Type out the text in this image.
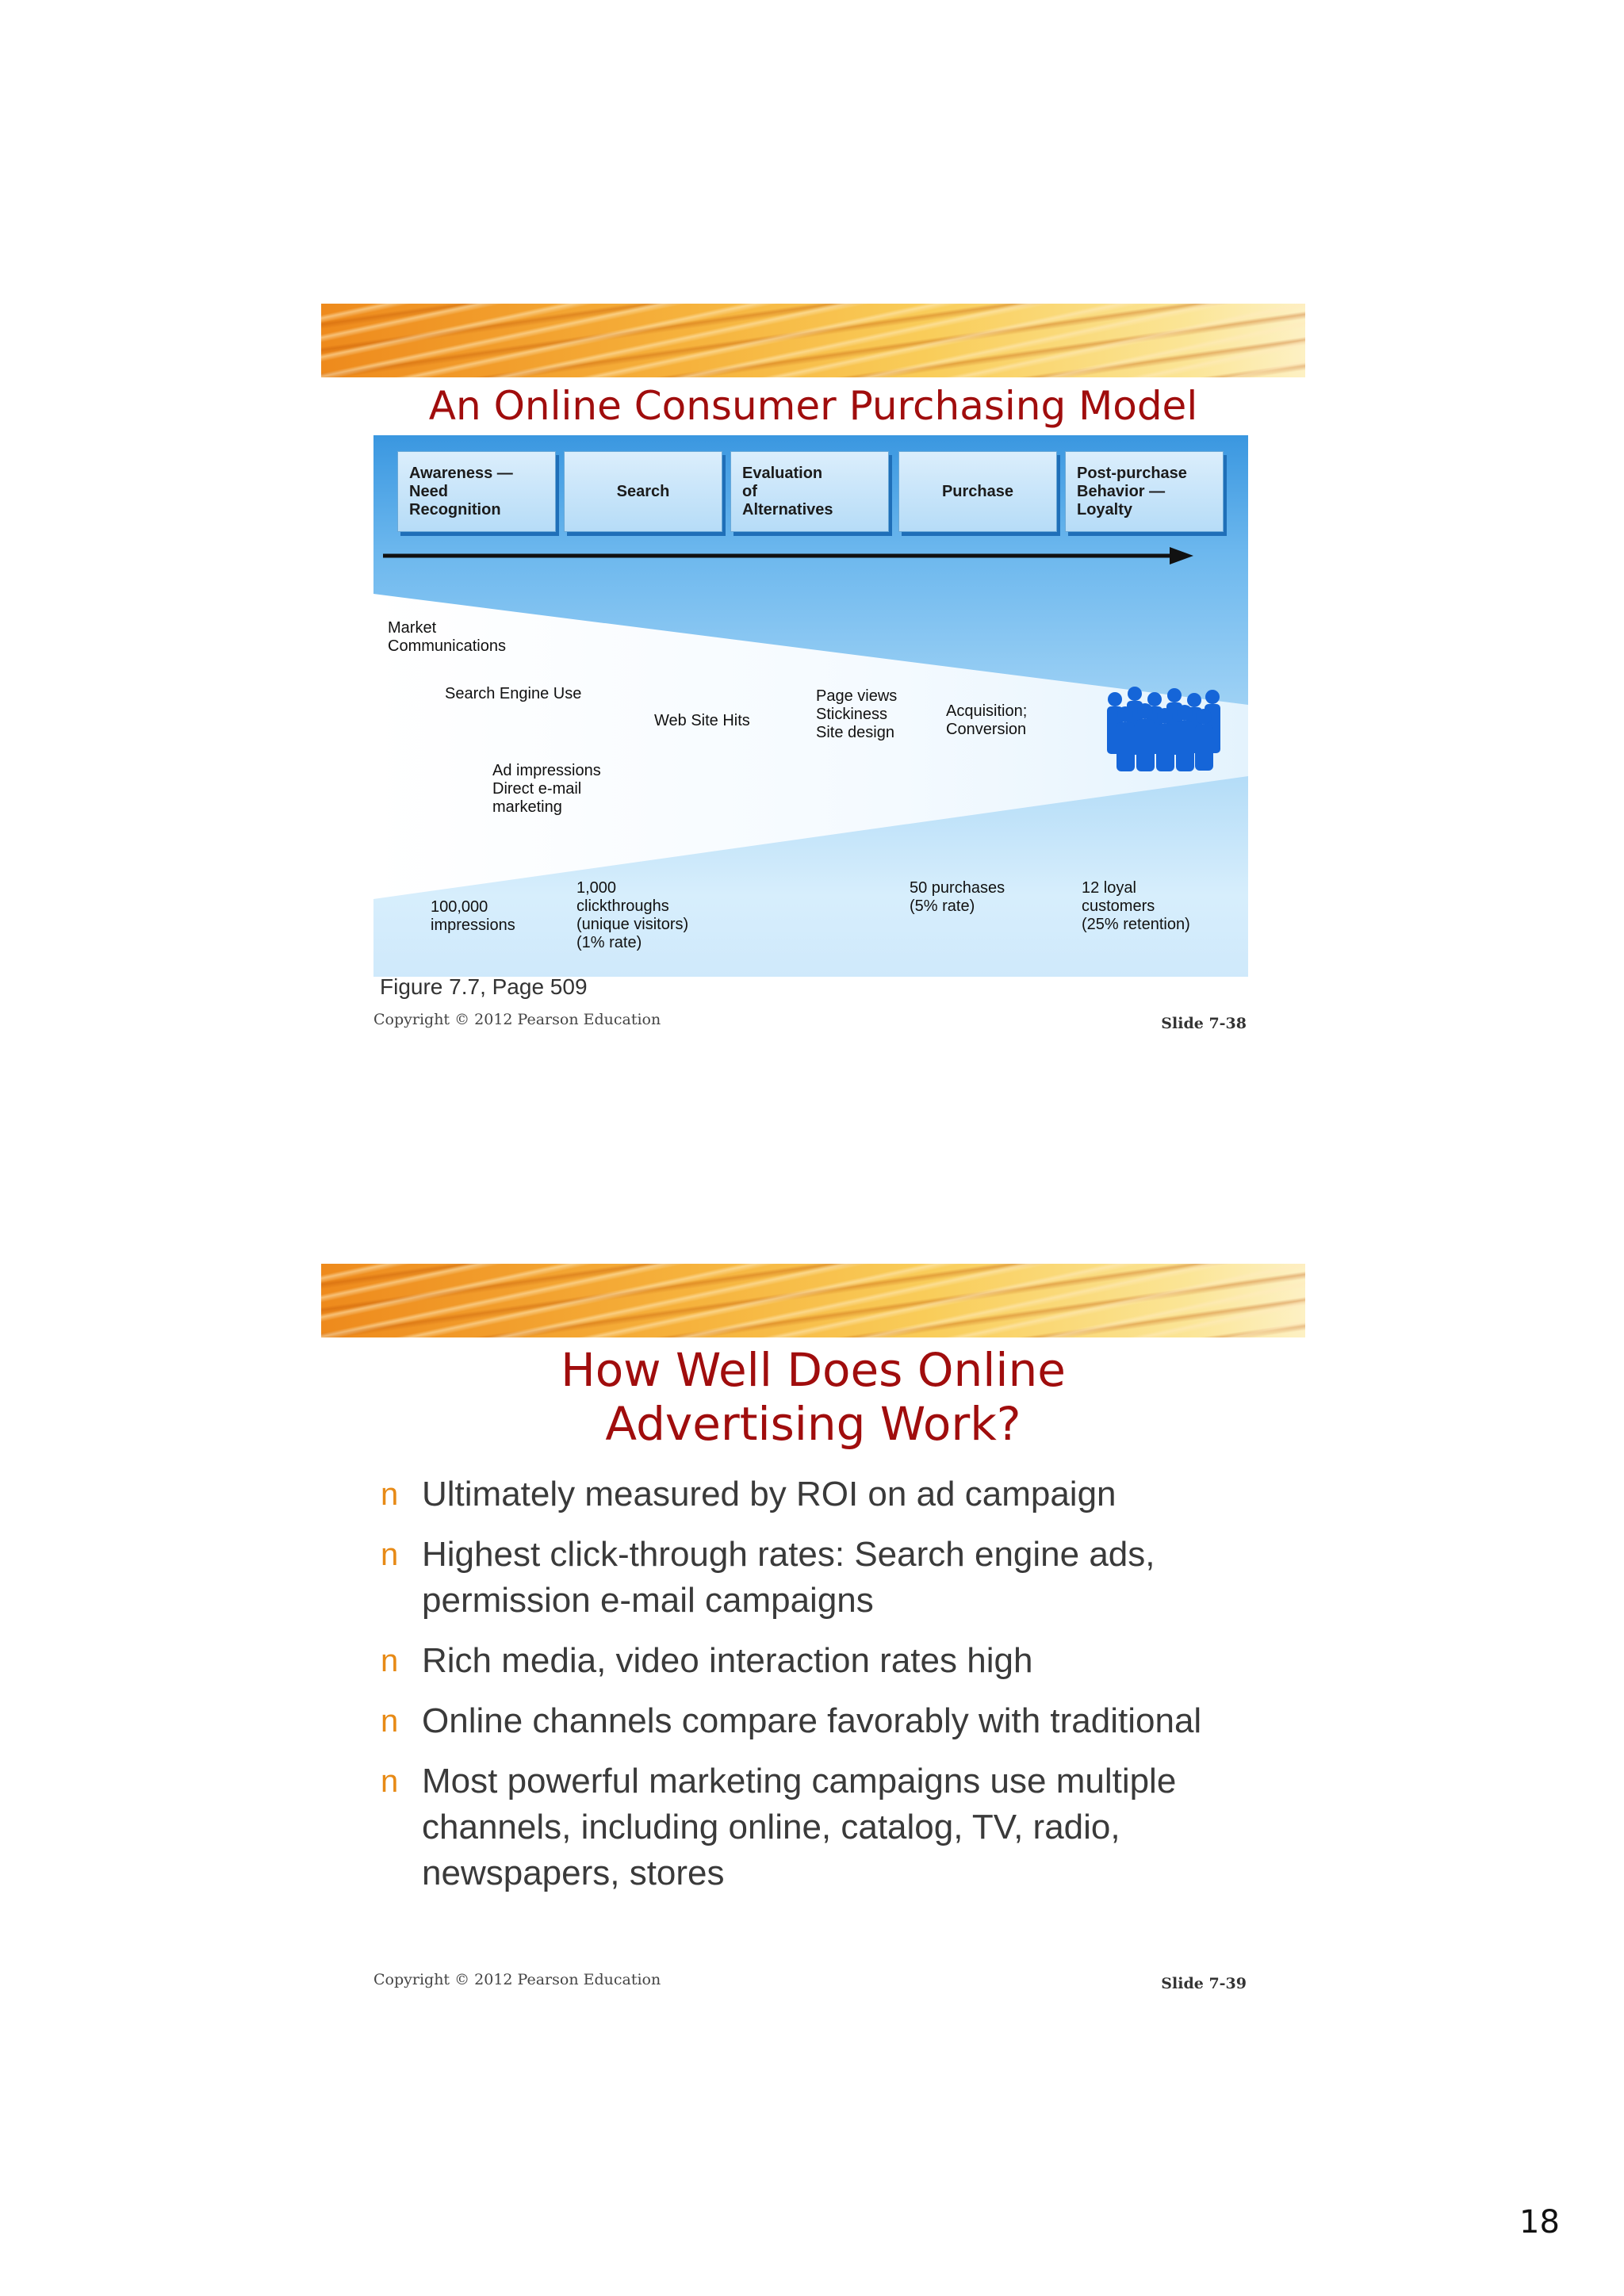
An Online Consumer Purchasing Model
Awareness —
Need
Recognition
Search
Evaluation
of
Alternatives
Purchase
Post-purchase
Behavior —
Loyalty
Market
Communications
Search Engine Use
Web Site Hits
Page views
Stickiness
Site design
Acquisition;
Conversion
Ad impressions
Direct e-mail
marketing
100,000
impressions
1,000
clickthroughs
(unique visitors)
(1% rate)
50 purchases
(5% rate)
12 loyal
customers
(25% retention)
Figure 7.7, Page 509
Copyright © 2012 Pearson Education	Slide 7-38
How Well Does Online
Advertising Work?
n Ultimately measured by ROI on ad campaign
n Highest click-through rates: Search engine ads, permission e-mail campaigns
n Rich media, video interaction rates high
n Online channels compare favorably with traditional
n Most powerful marketing campaigns use multiple channels, including online, catalog, TV, radio, newspapers, stores
Copyright © 2012 Pearson Education	Slide 7-39
18
